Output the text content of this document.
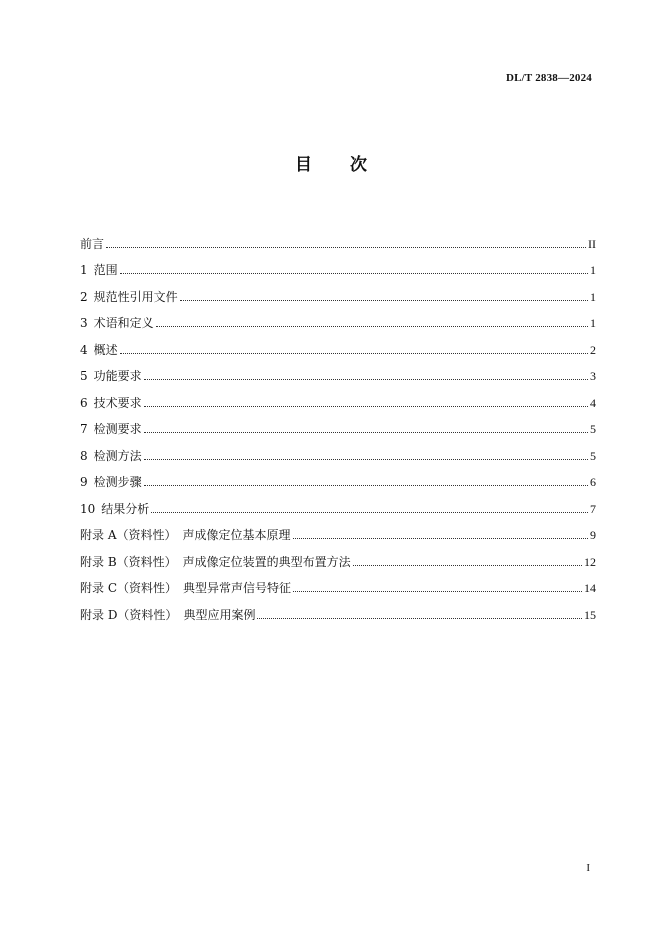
DL/T 2838—2024
目 次
前言	II
1 范围	1
2 规范性引用文件	1
3 术语和定义	1
4 概述	2
5 功能要求	3
6 技术要求	4
7 检测要求	5
8 检测方法	5
9 检测步骤	6
10 结果分析	7
附录 A（资料性） 声成像定位基本原理	9
附录 B（资料性） 声成像定位装置的典型布置方法	12
附录 C（资料性） 典型异常声信号特征	14
附录 D（资料性） 典型应用案例	15
I
